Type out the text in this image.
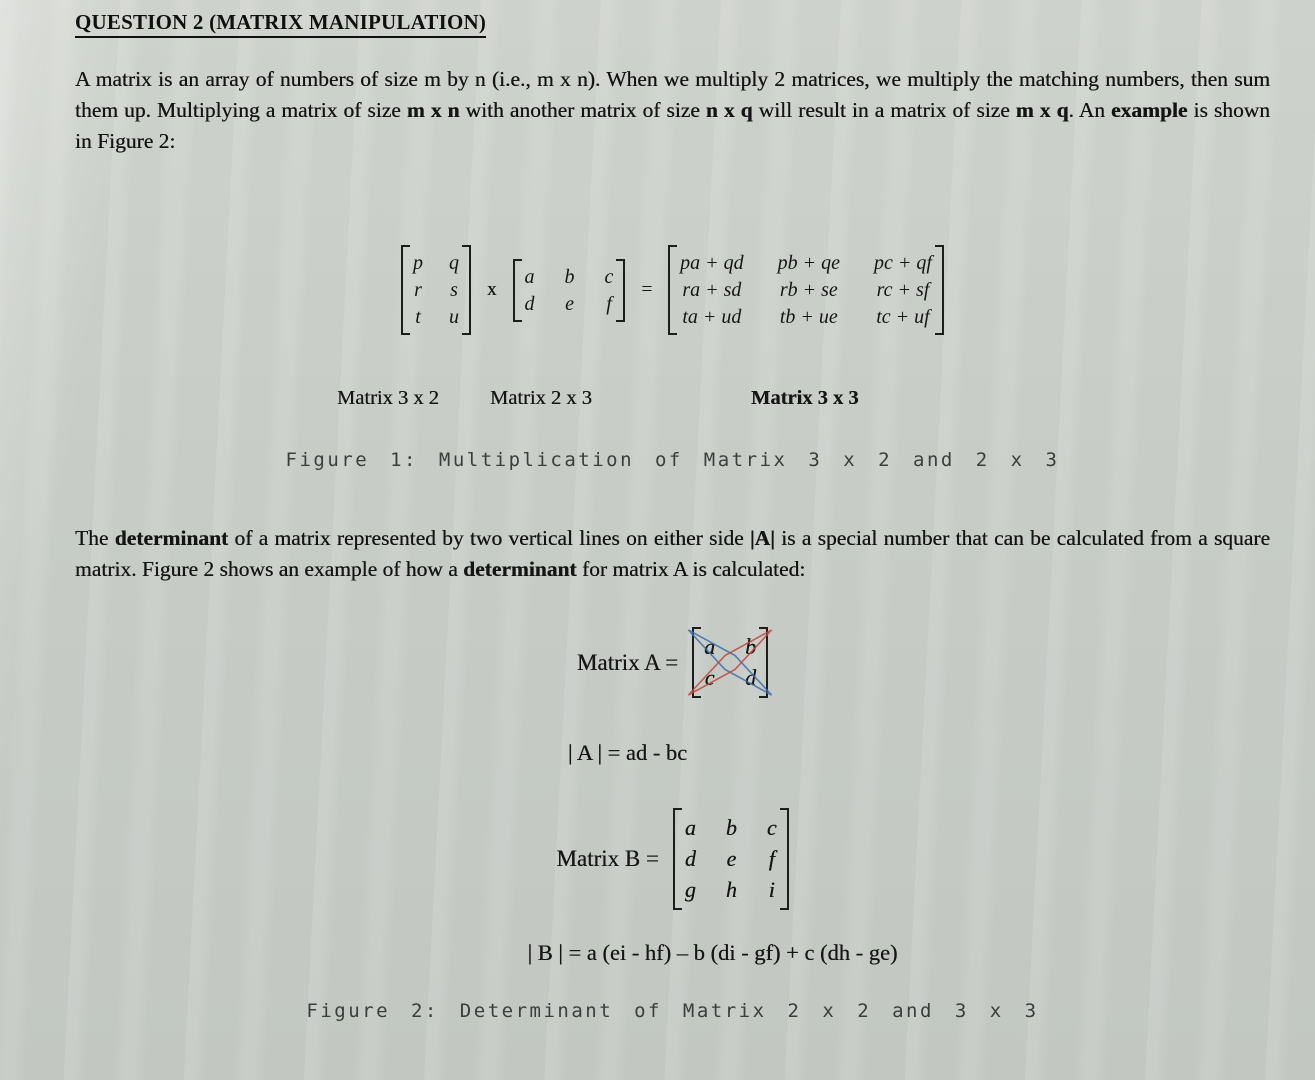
QUESTION 2 (MATRIX MANIPULATION)

A matrix is an array of numbers of size m by n (i.e., m x n). When we multiply 2 matrices, we multiply the matching numbers, then sum them up. Multiplying a matrix of size m x n with another matrix of size n x q will result in a matrix of size m x q. An example is shown in Figure 2:

p q
r s
t u
x
a b c
d e f
=
pa + qd pb + qe pc + qf
ra + sd rb + se rc + sf
ta + ud tb + ue tc + uf
Matrix 3 x 2 Matrix 2 x 3	Matrix 3 x 3
Figure 1: Multiplication of Matrix 3 x 2 and 2 x 3

The determinant of a matrix represented by two vertical lines on either side |A| is a special number that can be calculated from a square matrix. Figure 2 shows an example of how a determinant for matrix A is calculated:

Matrix A =
a b
c d
| A | = ad - bc
Matrix B =
a b c
d e f
g h i
| B | = a (ei - hf) – b (di - gf) + c (dh - ge)
Figure 2: Determinant of Matrix 2 x 2 and 3 x 3
